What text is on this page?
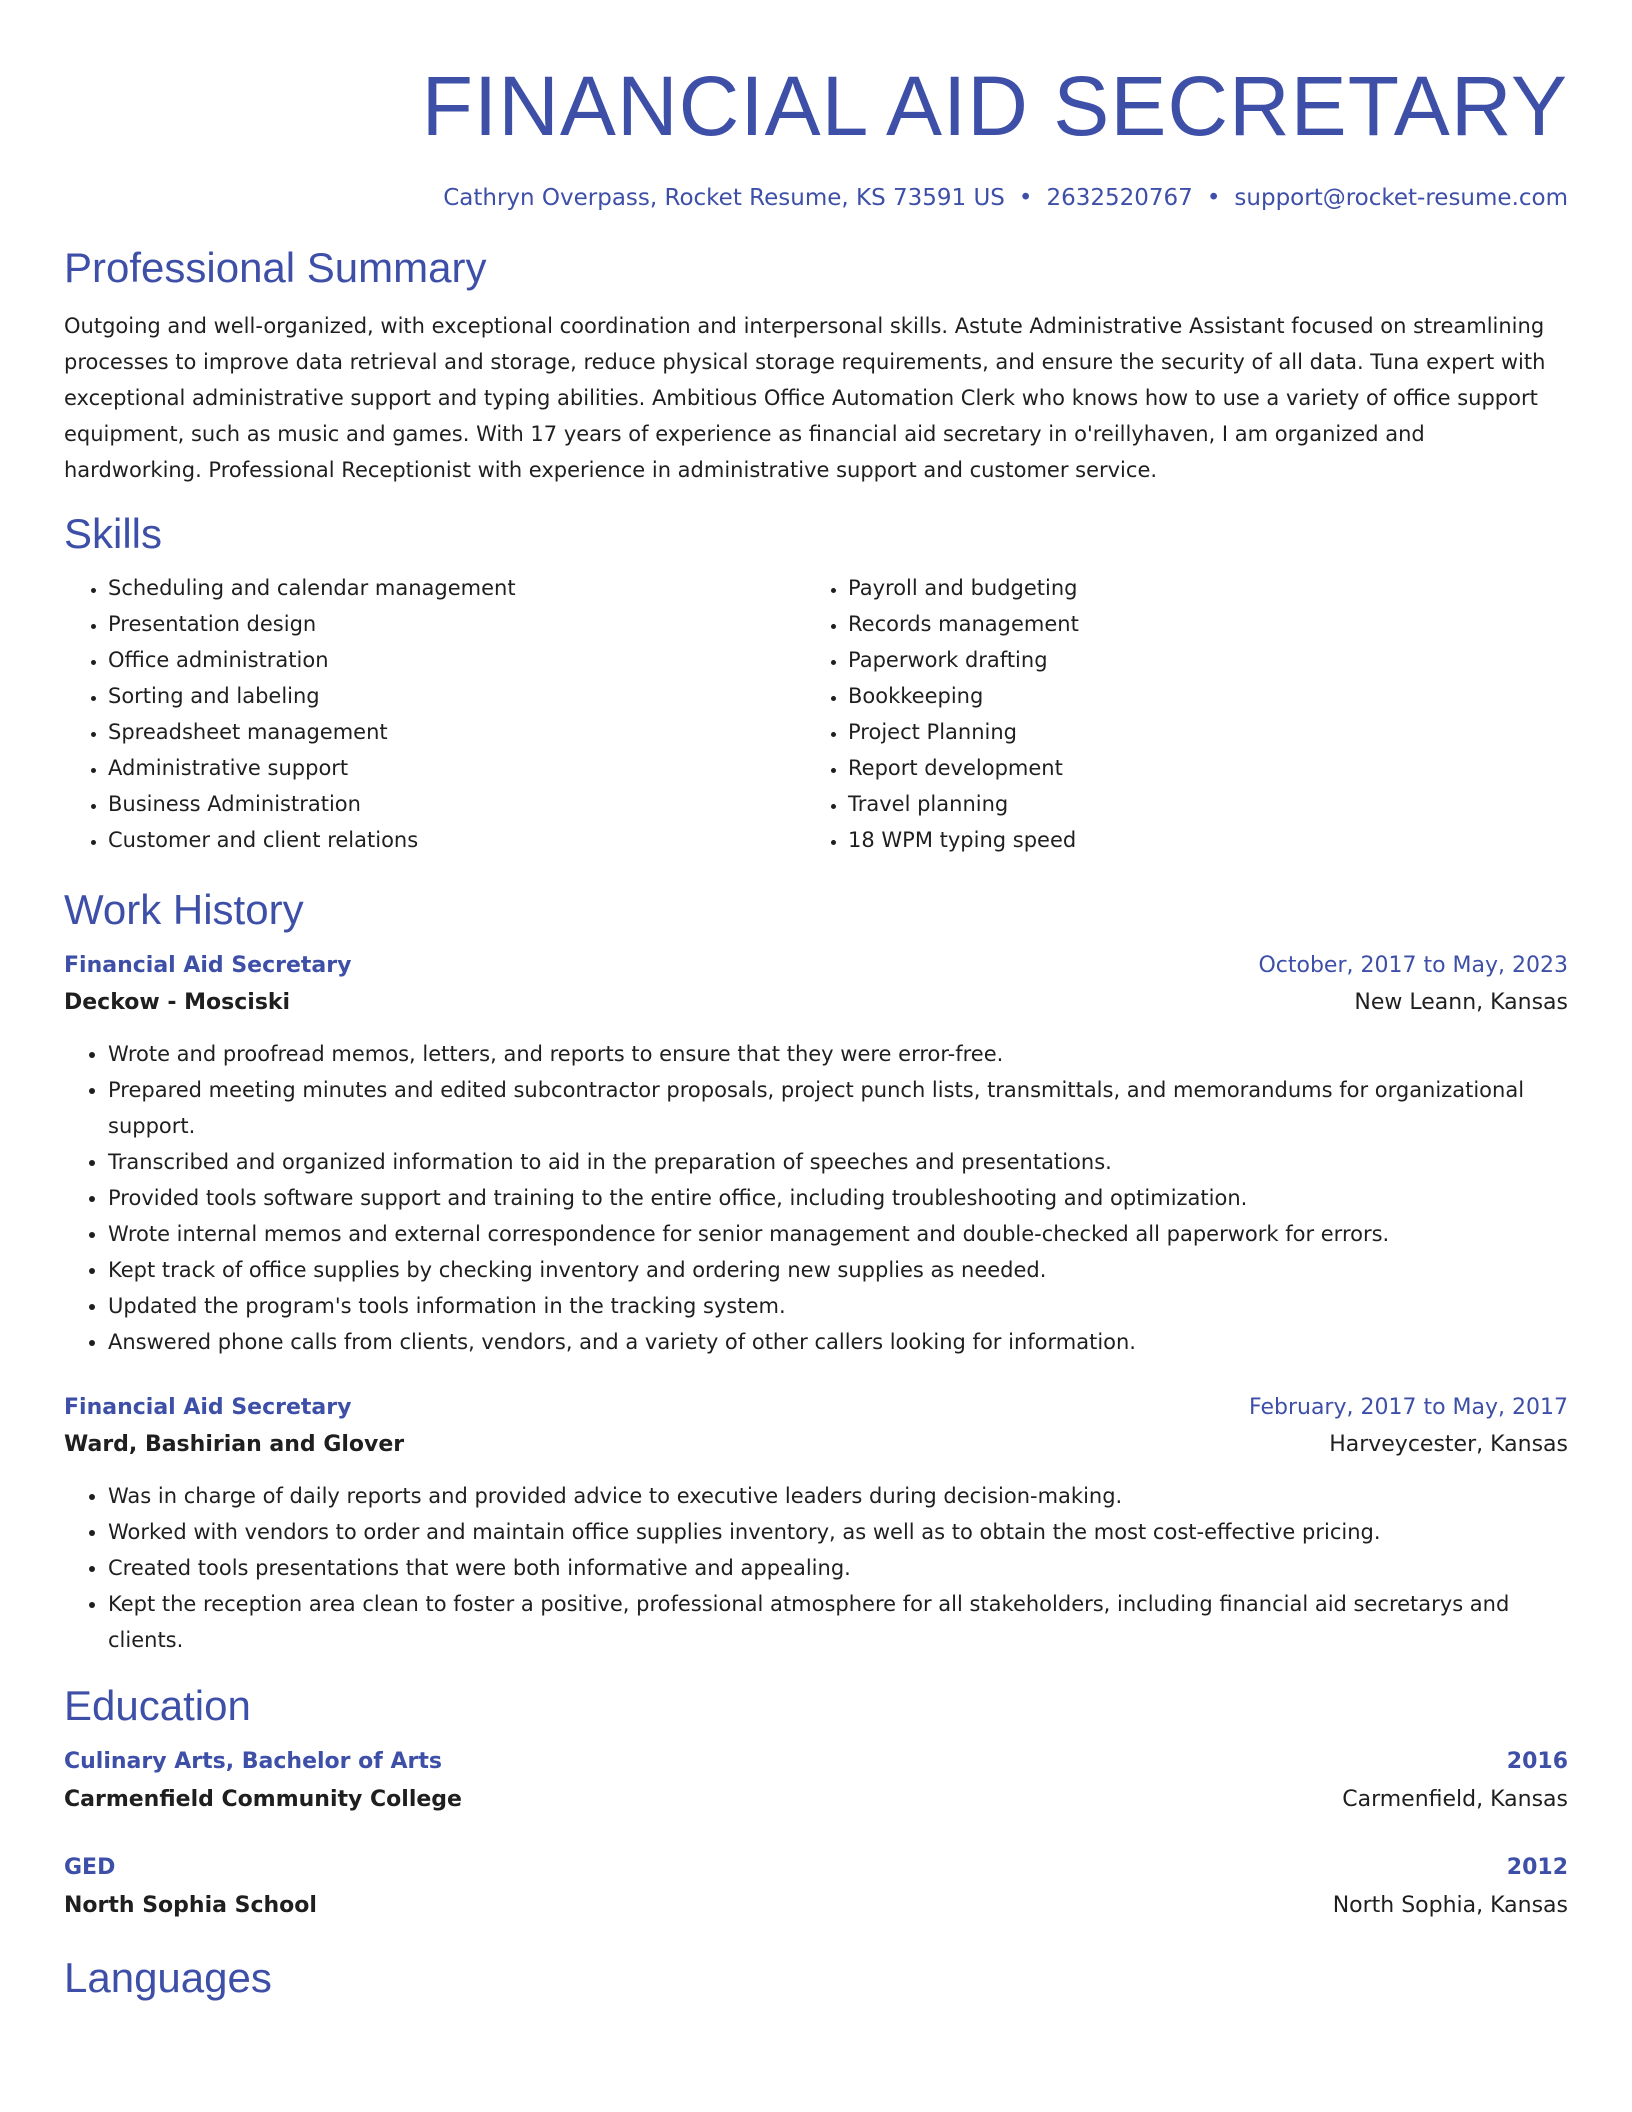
FINANCIAL AID SECRETARY
Cathryn Overpass, Rocket Resume, KS 73591 US • 2632520767 • support@rocket-resume.com
Professional Summary

Outgoing and well-organized, with exceptional coordination and interpersonal skills. Astute Administrative Assistant focused on streamlining processes to improve data retrieval and storage, reduce physical storage requirements, and ensure the security of all data. Tuna expert with exceptional administrative support and typing abilities. Ambitious Office Automation Clerk who knows how to use a variety of office support equipment, such as music and games. With 17 years of experience as financial aid secretary in o'reillyhaven, I am organized and hardworking. Professional Receptionist with experience in administrative support and customer service.

Skills
• Scheduling and calendar management
• Presentation design
• Office administration
• Sorting and labeling
• Spreadsheet management
• Administrative support
• Business Administration
• Customer and client relations
• Payroll and budgeting
• Records management
• Paperwork drafting
• Bookkeeping
• Project Planning
• Report development
• Travel planning
• 18 WPM typing speed
Work History
Financial Aid Secretary	October, 2017 to May, 2023
Deckow - Mosciski	New Leann, Kansas
• Wrote and proofread memos, letters, and reports to ensure that they were error-free.
• Prepared meeting minutes and edited subcontractor proposals, project punch lists, transmittals, and memorandums for organizational support.
• Transcribed and organized information to aid in the preparation of speeches and presentations.
• Provided tools software support and training to the entire office, including troubleshooting and optimization.
• Wrote internal memos and external correspondence for senior management and double-checked all paperwork for errors.
• Kept track of office supplies by checking inventory and ordering new supplies as needed.
• Updated the program's tools information in the tracking system.
• Answered phone calls from clients, vendors, and a variety of other callers looking for information.
Financial Aid Secretary	February, 2017 to May, 2017
Ward, Bashirian and Glover	Harveycester, Kansas
• Was in charge of daily reports and provided advice to executive leaders during decision-making.
• Worked with vendors to order and maintain office supplies inventory, as well as to obtain the most cost-effective pricing.
• Created tools presentations that were both informative and appealing.
• Kept the reception area clean to foster a positive, professional atmosphere for all stakeholders, including financial aid secretarys and clients.
Education
Culinary Arts, Bachelor of Arts	2016
Carmenfield Community College	Carmenfield, Kansas
GED	2012
North Sophia School	North Sophia, Kansas
Languages
